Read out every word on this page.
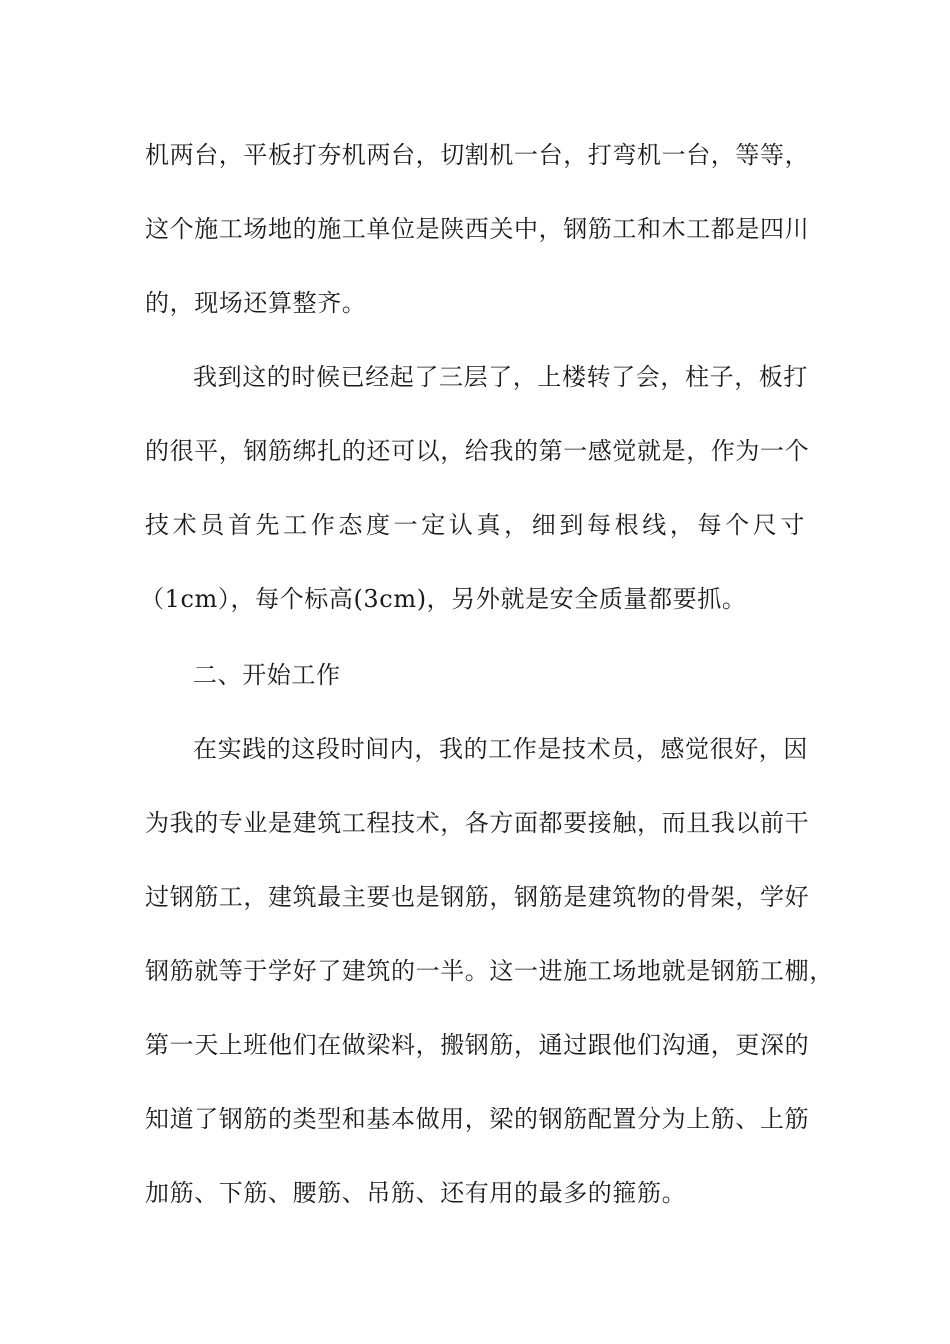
机两台，平板打夯机两台，切割机一台，打弯机一台，等等，
这个施工场地的施工单位是陕西关中，钢筋工和木工都是四川
的，现场还算整齐。
我到这的时候已经起了三层了，上楼转了会，柱子，板打
的很平，钢筋绑扎的还可以，给我的第一感觉就是，作为一个
技术员首先工作态度一定认真，细到每根线，每个尺寸
（1cm），每个标高(3cm)，另外就是安全质量都要抓。
二、开始工作
在实践的这段时间内，我的工作是技术员，感觉很好，因
为我的专业是建筑工程技术，各方面都要接触，而且我以前干
过钢筋工，建筑最主要也是钢筋，钢筋是建筑物的骨架，学好
钢筋就等于学好了建筑的一半。这一进施工场地就是钢筋工棚，
第一天上班他们在做梁料，搬钢筋，通过跟他们沟通，更深的
知道了钢筋的类型和基本做用，梁的钢筋配置分为上筋、上筋
加筋、下筋、腰筋、吊筋、还有用的最多的箍筋。
